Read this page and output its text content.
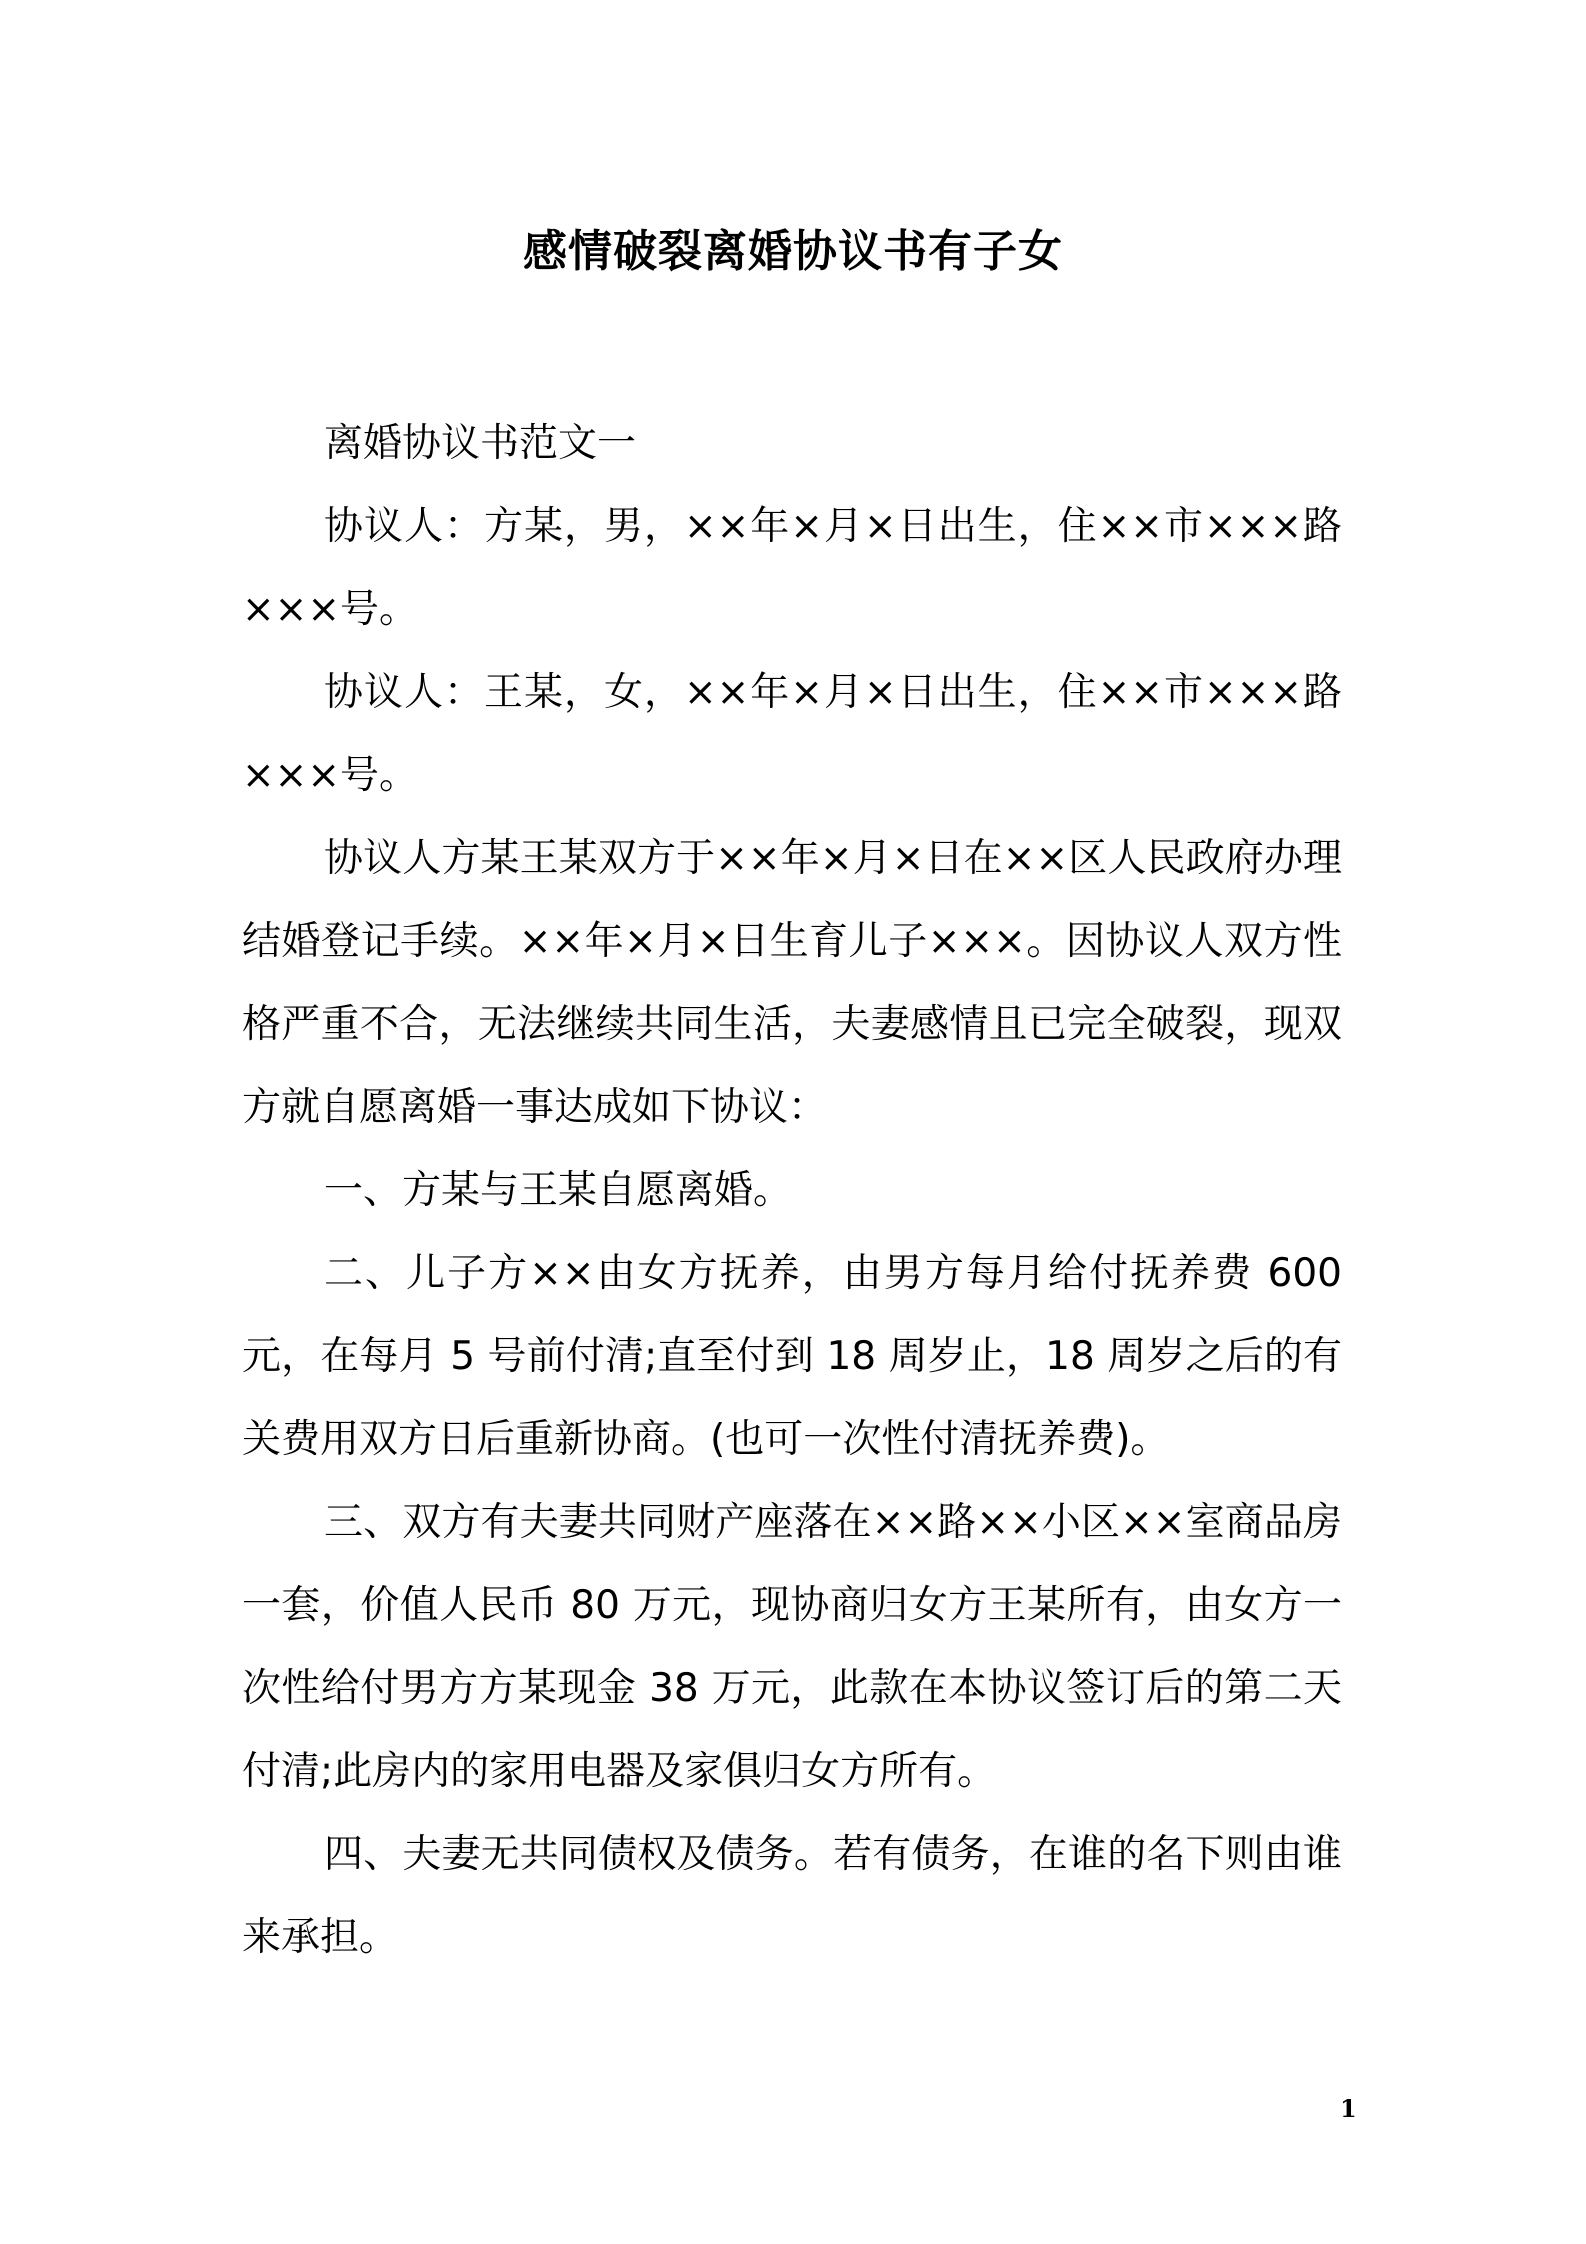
感情破裂离婚协议书有子女

离婚协议书范文一

协议人：方某，男，××年×月×日出生，住××市×××路×××号。

协议人：王某，女，××年×月×日出生，住××市×××路×××号。

协议人方某王某双方于××年×月×日在××区人民政府办理结婚登记手续。××年×月×日生育儿子×××。因协议人双方性格严重不合，无法继续共同生活，夫妻感情且已完全破裂，现双方就自愿离婚一事达成如下协议：

一、方某与王某自愿离婚。

二、儿子方××由女方抚养，由男方每月给付抚养费 600 元，在每月 5 号前付清;直至付到 18 周岁止，18 周岁之后的有关费用双方日后重新协商。(也可一次性付清抚养费)。

三、双方有夫妻共同财产座落在××路××小区××室商品房一套，价值人民币 80 万元，现协商归女方王某所有，由女方一次性给付男方方某现金 38 万元，此款在本协议签订后的第二天付清;此房内的家用电器及家俱归女方所有。

四、夫妻无共同债权及债务。若有债务，在谁的名下则由谁来承担。

1
